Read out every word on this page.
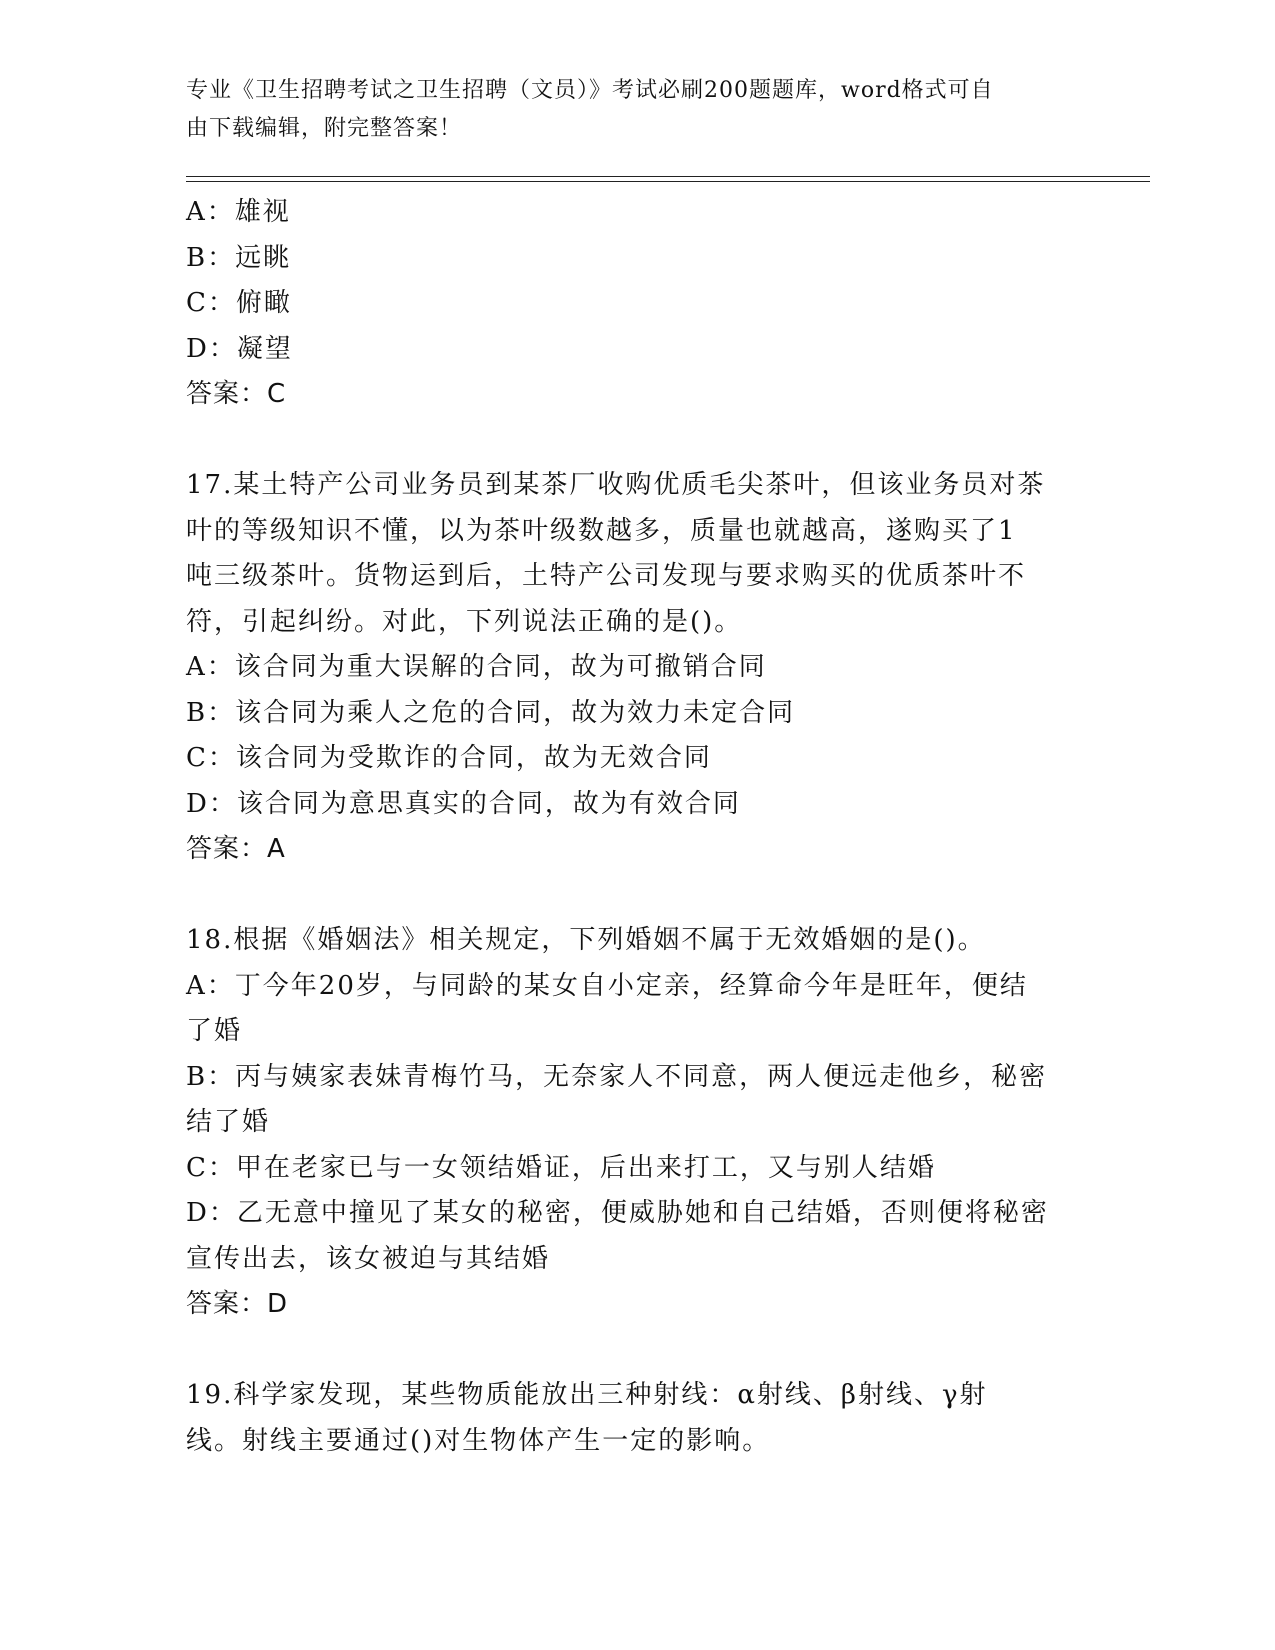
专业《卫生招聘考试之卫生招聘（文员）》考试必刷200题题库，word格式可自
由下载编辑，附完整答案！
A：雄视
B：远眺
C：俯瞰
D：凝望
答案：C
17.某土特产公司业务员到某茶厂收购优质毛尖茶叶，但该业务员对茶
叶的等级知识不懂，以为茶叶级数越多，质量也就越高，遂购买了1
吨三级茶叶。货物运到后，土特产公司发现与要求购买的优质茶叶不
符，引起纠纷。对此，下列说法正确的是()。
A：该合同为重大误解的合同，故为可撤销合同
B：该合同为乘人之危的合同，故为效力未定合同
C：该合同为受欺诈的合同，故为无效合同
D：该合同为意思真实的合同，故为有效合同
答案：A
18.根据《婚姻法》相关规定，下列婚姻不属于无效婚姻的是()。
A：丁今年20岁，与同龄的某女自小定亲，经算命今年是旺年，便结
了婚
B：丙与姨家表妹青梅竹马，无奈家人不同意，两人便远走他乡，秘密
结了婚
C：甲在老家已与一女领结婚证，后出来打工，又与别人结婚
D：乙无意中撞见了某女的秘密，便威胁她和自己结婚，否则便将秘密
宣传出去，该女被迫与其结婚
答案：D
19.科学家发现，某些物质能放出三种射线：α射线、β射线、γ射
线。射线主要通过()对生物体产生一定的影响。
